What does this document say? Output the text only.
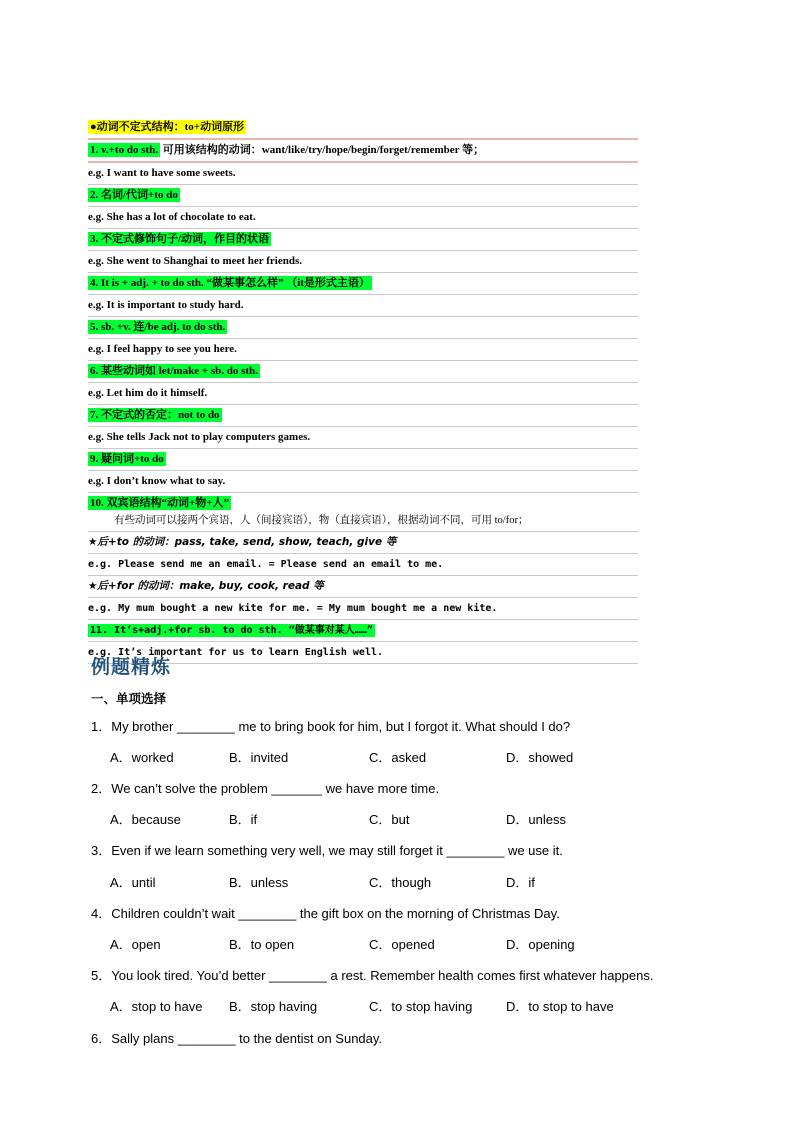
●动词不定式结构：to+动词原形
1. v.+to do sth. 可用该结构的动词：want/like/try/hope/begin/forget/remember 等；
e.g. I want to have some sweets.
2. 名词/代词+to do
e.g. She has a lot of chocolate to eat.
3. 不定式修饰句子/动词，作目的状语
e.g. She went to Shanghai to meet her friends.
4. It is + adj. + to do sth. “做某事怎么样” （it是形式主语）
e.g. It is important to study hard.
5. sb. +v. 连/be adj. to do sth.
e.g. I feel happy to see you here.
6. 某些动词如 let/make + sb. do sth.
e.g. Let him do it himself.
7. 不定式的否定：not to do
e.g. She tells Jack not to play computers games.
9. 疑问词+to do
e.g. I don’t know what to say.
10. 双宾语结构“动词+物+人”
有些动词可以接两个宾语，人（间接宾语），物（直接宾语），根据动词不同，可用 to/for；
★后+to 的动词：pass, take, send, show, teach, give 等
e.g. Please send me an email. = Please send an email to me.
★后+for 的动词：make, buy, cook, read 等
e.g. My mum bought a new kite for me. = My mum bought me a new kite.
11. It’s+adj.+for sb. to do sth. “做某事对某人……”
e.g. It’s important for us to learn English well.
例题精炼
一、单项选择
1．My brother ________ me to bring book for him, but I forgot it. What should I do?
A．worked	B．invited	C．asked	D．showed
2．We can’t solve the problem _______ we have more time.
A．because	B．if	C．but	D．unless
3．Even if we learn something very well, we may still forget it ________ we use it.
A．until	B．unless	C．though	D．if
4．Children couldn’t wait ________ the gift box on the morning of Christmas Day.
A．open	B．to open	C．opened	D．opening
5．You look tired. You’d better ________ a rest. Remember health comes first whatever happens.
A．stop to have B．stop having	C．to stop having	D．to stop to have
6．Sally plans ________ to the dentist on Sunday.
